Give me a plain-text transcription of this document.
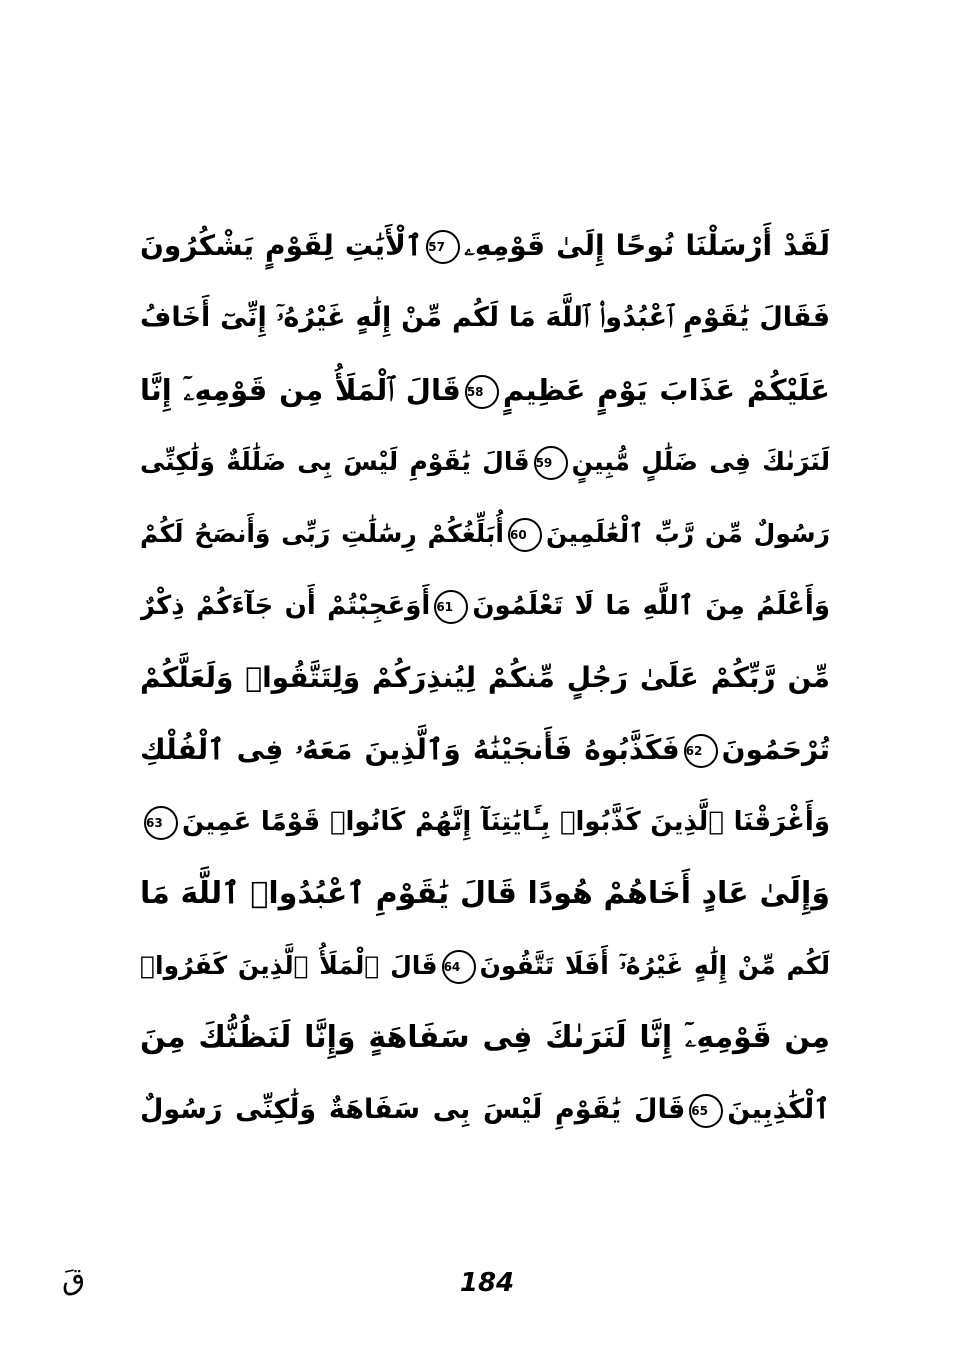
لَقَدْ أَرْسَلْنَا نُوحًا إِلَىٰ قَوْمِهِۦ57ٱلْأَيَٰتِ لِقَوْمٍ يَشْكُرُونَ
فَقَالَ يَٰقَوْمِ ٱعْبُدُوا۟ ٱللَّهَ مَا لَكُم مِّنْ إِلَٰهٍ غَيْرُهُۥٓ إِنِّىٓ أَخَافُ
عَلَيْكُمْ عَذَابَ يَوْمٍ عَظِيمٍ58قَالَ ٱلْمَلَأُ مِن قَوْمِهِۦٓ إِنَّا
لَنَرَىٰكَ فِى ضَلَٰلٍ مُّبِينٍ59قَالَ يَٰقَوْمِ لَيْسَ بِى ضَلَٰلَةٌ وَلَٰكِنِّى
رَسُولٌ مِّن رَّبِّ ٱلْعَٰلَمِينَ60أُبَلِّغُكُمْ رِسَٰلَٰتِ رَبِّى وَأَنصَحُ لَكُمْ
وَأَعْلَمُ مِنَ ٱللَّهِ مَا لَا تَعْلَمُونَ61أَوَعَجِبْتُمْ أَن جَآءَكُمْ ذِكْرٌ
مِّن رَّبِّكُمْ عَلَىٰ رَجُلٍ مِّنكُمْ لِيُنذِرَكُمْ وَلِتَتَّقُوا۟ وَلَعَلَّكُمْ
تُرْحَمُونَ62فَكَذَّبُوهُ فَأَنجَيْنَٰهُ وَٱلَّذِينَ مَعَهُۥ فِى ٱلْفُلْكِ
وَأَغْرَقْنَا ٱلَّذِينَ كَذَّبُوا۟ بِـَٔايَٰتِنَآ إِنَّهُمْ كَانُوا۟ قَوْمًا عَمِينَ63
وَإِلَىٰ عَادٍ أَخَاهُمْ هُودًا قَالَ يَٰقَوْمِ ٱعْبُدُوا۟ ٱللَّهَ مَا
لَكُم مِّنْ إِلَٰهٍ غَيْرُهُۥٓ أَفَلَا تَتَّقُونَ64قَالَ ٱلْمَلَأُ ٱلَّذِينَ كَفَرُوا۟
مِن قَوْمِهِۦٓ إِنَّا لَنَرَىٰكَ فِى سَفَاهَةٍ وَإِنَّا لَنَظُنُّكَ مِنَ
ٱلْكَٰذِبِينَ65قَالَ يَٰقَوْمِ لَيْسَ بِى سَفَاهَةٌ وَلَٰكِنِّى رَسُولٌ
قَ	184
